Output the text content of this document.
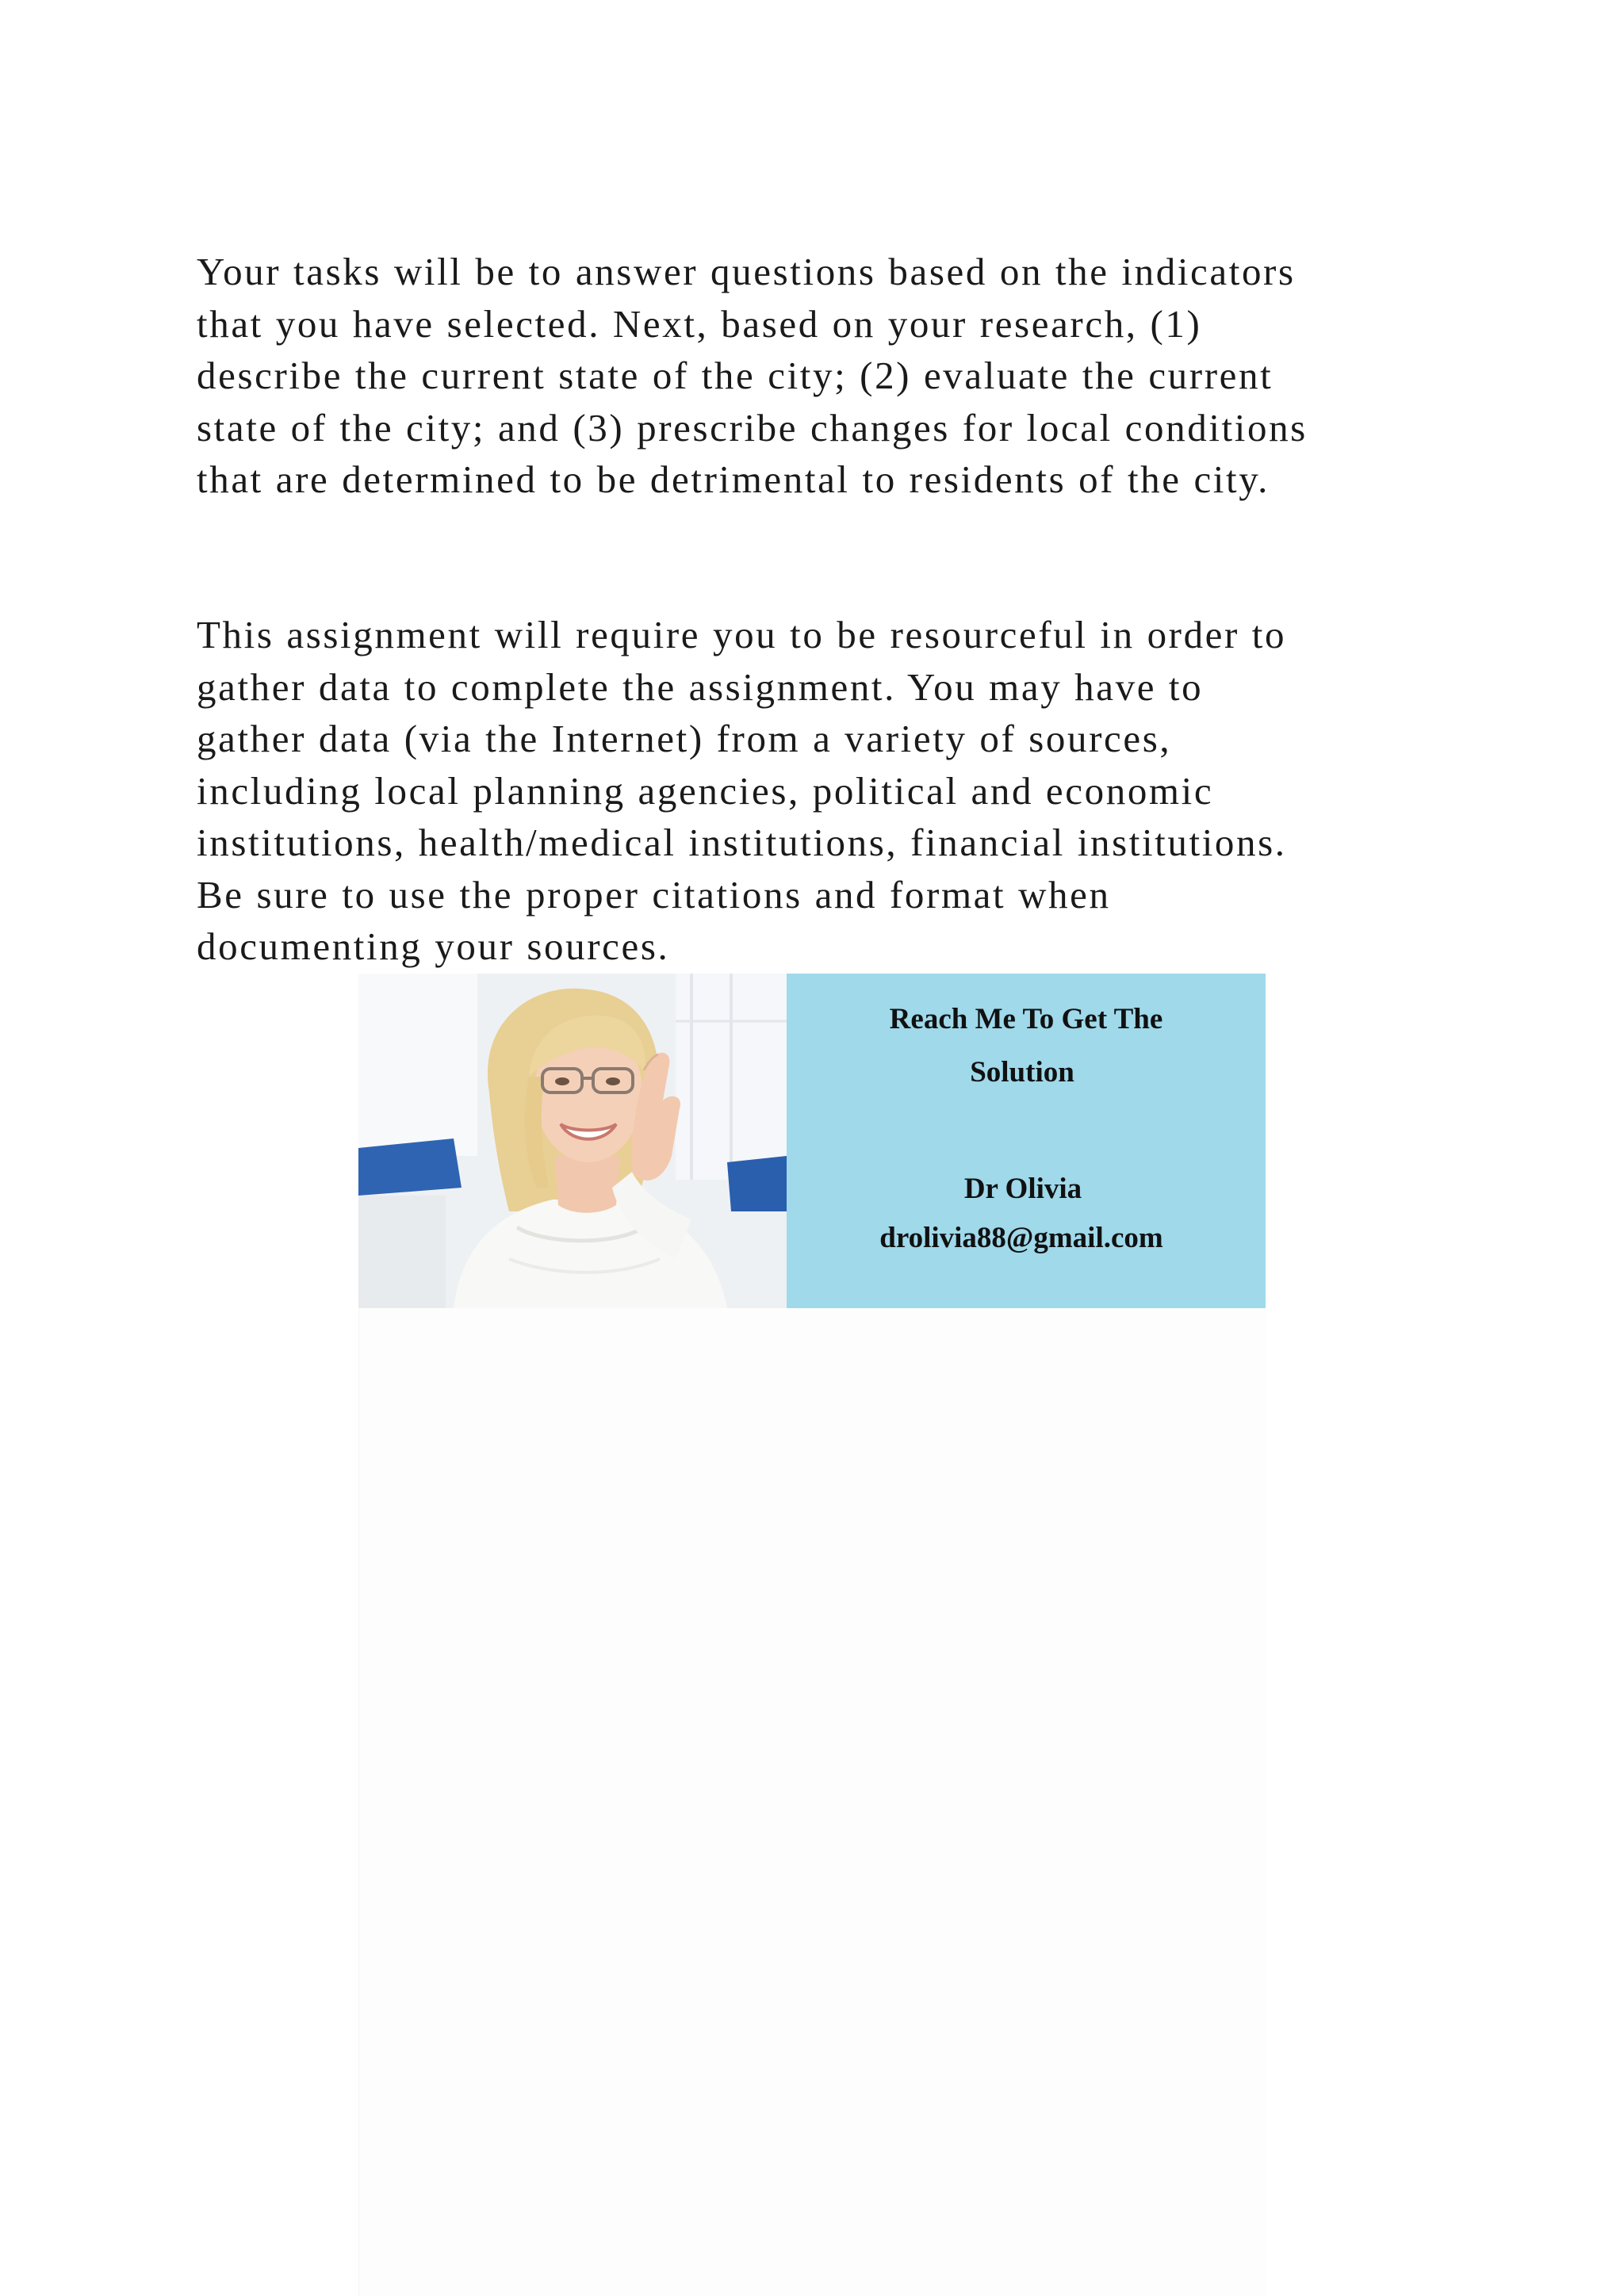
Your tasks will be to answer questions based on the indicators
that you have selected. Next, based on your research, (1)
describe the current state of the city; (2) evaluate the current
state of the city; and (3) prescribe changes for local conditions
that are determined to be detrimental to residents of the city.
This assignment will require you to be resourceful in order to
gather data to complete the assignment. You may have to
gather data (via the Internet) from a variety of sources,
including local planning agencies, political and economic
institutions, health/medical institutions, financial institutions.
Be sure to use the proper citations and format when
documenting your sources.
Reach Me To Get The
Solution
Dr Olivia
drolivia88@gmail.com
